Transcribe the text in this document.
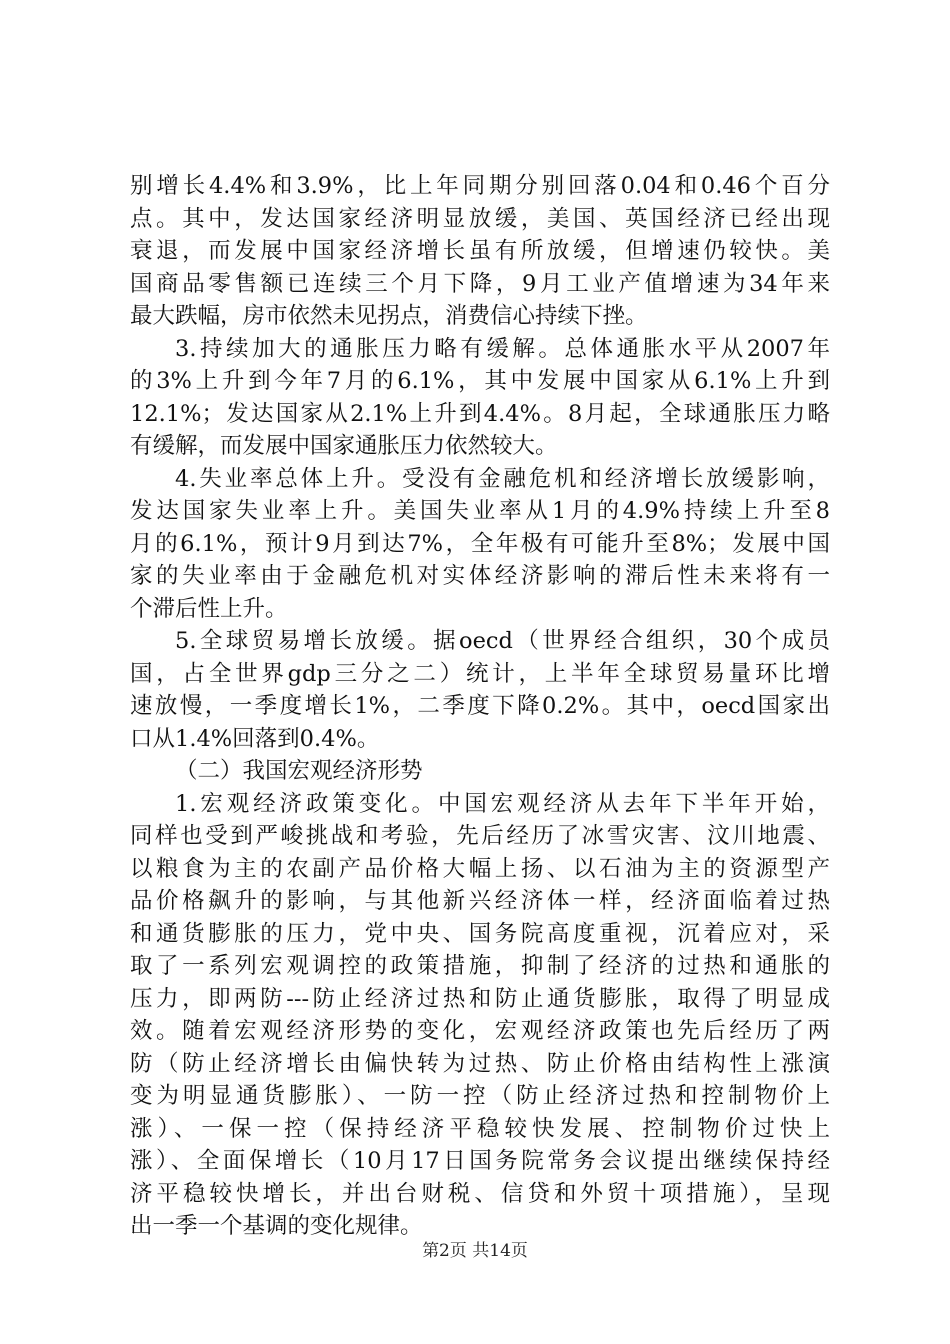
别增长4.4%和3.9%，比上年同期分别回落0.04和0.46个百分
点。其中，发达国家经济明显放缓，美国、英国经济已经出现
衰退，而发展中国家经济增长虽有所放缓，但增速仍较快。美
国商品零售额已连续三个月下降，9月工业产值增速为34年来
最大跌幅，房市依然未见拐点，消费信心持续下挫。
3.持续加大的通胀压力略有缓解。总体通胀水平从2007年
的3%上升到今年7月的6.1%，其中发展中国家从6.1%上升到
12.1%；发达国家从2.1%上升到4.4%。8月起，全球通胀压力略
有缓解，而发展中国家通胀压力依然较大。
4.失业率总体上升。受没有金融危机和经济增长放缓影响，
发达国家失业率上升。美国失业率从1月的4.9%持续上升至8
月的6.1%，预计9月到达7%，全年极有可能升至8%；发展中国
家的失业率由于金融危机对实体经济影响的滞后性未来将有一
个滞后性上升。
5.全球贸易增长放缓。据oecd（世界经合组织，30个成员
国，占全世界gdp三分之二）统计，上半年全球贸易量环比增
速放慢，一季度增长1%，二季度下降0.2%。其中，oecd国家出
口从1.4%回落到0.4%。
（二）我国宏观经济形势
1.宏观经济政策变化。中国宏观经济从去年下半年开始，
同样也受到严峻挑战和考验，先后经历了冰雪灾害、汶川地震、
以粮食为主的农副产品价格大幅上扬、以石油为主的资源型产
品价格飙升的影响，与其他新兴经济体一样，经济面临着过热
和通货膨胀的压力，党中央、国务院高度重视，沉着应对，采
取了一系列宏观调控的政策措施，抑制了经济的过热和通胀的
压力，即两防---防止经济过热和防止通货膨胀，取得了明显成
效。随着宏观经济形势的变化，宏观经济政策也先后经历了两
防（防止经济增长由偏快转为过热、防止价格由结构性上涨演
变为明显通货膨胀）、一防一控（防止经济过热和控制物价上
涨）、一保一控（保持经济平稳较快发展、控制物价过快上
涨）、全面保增长（10月17日国务院常务会议提出继续保持经
济平稳较快增长，并出台财税、信贷和外贸十项措施），呈现
出一季一个基调的变化规律。
第2页 共14页
